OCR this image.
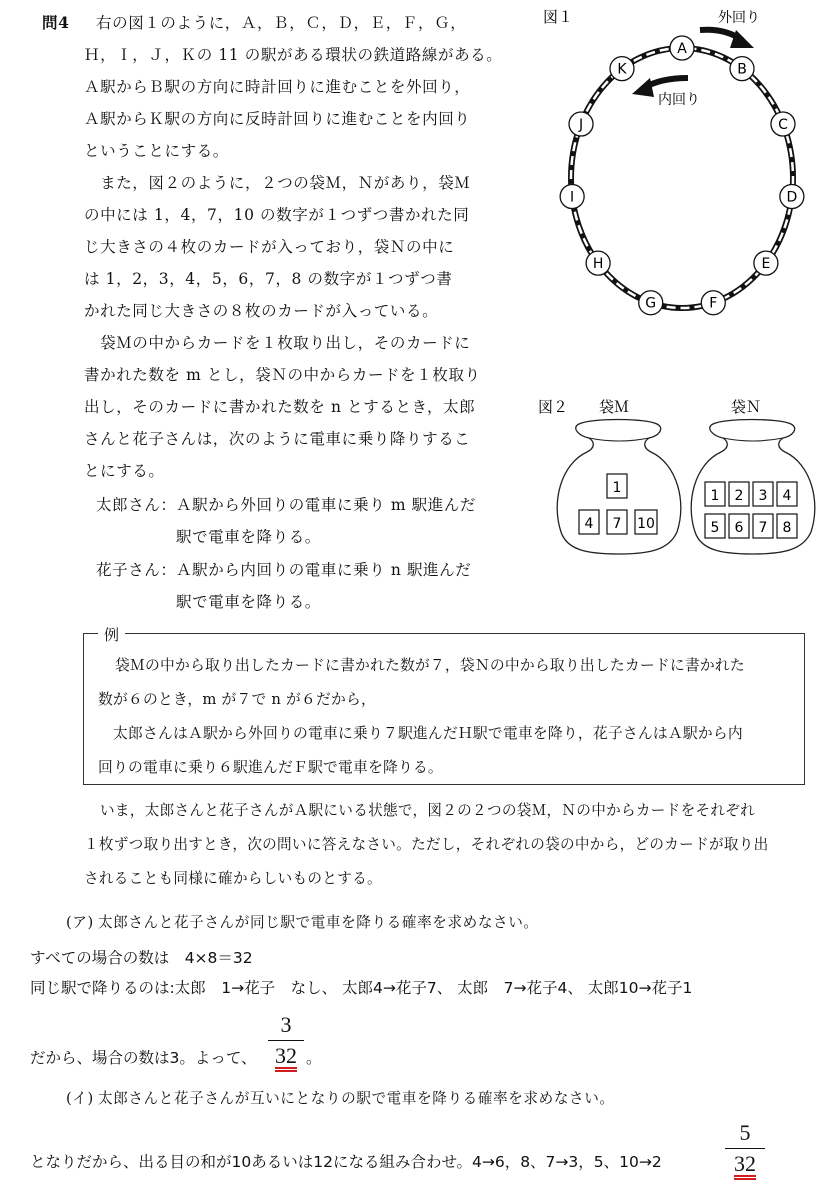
問4 右の図１のように，Ａ，Ｂ，Ｃ，Ｄ，Ｅ，Ｆ，Ｇ，
Ｈ，Ｉ，Ｊ，Ｋの 11 の駅がある環状の鉄道路線がある。
Ａ駅からＢ駅の方向に時計回りに進むことを外回り，
Ａ駅からＫ駅の方向に反時計回りに進むことを内回り
ということにする。
　また，図２のように，２つの袋Ｍ，Ｎがあり，袋Ｍ
の中には 1，4，7，10 の数字が１つずつ書かれた同
じ大きさの４枚のカードが入っており，袋Ｎの中に
は 1，2，3，4，5，6，7，8 の数字が１つずつ書
かれた同じ大きさの８枚のカードが入っている。
　袋Ｍの中からカードを１枚取り出し，そのカードに
書かれた数を m とし，袋Ｎの中からカードを１枚取り
出し，そのカードに書かれた数を n とするとき，太郎
さんと花子さんは，次のように電車に乗り降りするこ
とにする。
太郎さん： Ａ駅から外回りの電車に乗り m 駅進んだ
駅で電車を降りる。
花子さん： Ａ駅から内回りの電車に乗り n 駅進んだ
駅で電車を降りる。
図１	外回り
内回り
A
B
C
D
E
F
G
H
I
J
K
図２ 袋Ｍ	袋Ｎ
1
4 7 10
1 2 3 4
5 6 7 8
例
袋Ｍの中から取り出したカードに書かれた数が７，袋Ｎの中から取り出したカードに書かれた
数が６のとき，m が７で n が６だから，
　太郎さんはＡ駅から外回りの電車に乗り７駅進んだＨ駅で電車を降り，花子さんはＡ駅から内
回りの電車に乗り６駅進んだＦ駅で電車を降りる。
いま，太郎さんと花子さんがＡ駅にいる状態で，図２の２つの袋Ｍ，Ｎの中からカードをそれぞれ
１枚ずつ取り出すとき，次の問いに答えなさい。ただし，それぞれの袋の中から，どのカードが取り出
されることも同様に確からしいものとする。
(ア) 太郎さんと花子さんが同じ駅で電車を降りる確率を求めなさい。
すべての場合の数は　4×8＝32
同じ駅で降りるのは:太郎　1→花子　なし、 太郎4→花子7、 太郎　7→花子4、 太郎10→花子1
だから、場合の数は3。よって、
3
32 。
(イ) 太郎さんと花子さんが互いにとなりの駅で電車を降りる確率を求めなさい。
となりだから、出る目の和が10あるいは12になる組み合わせ。4→6，8、7→3，5、10→2
5
32
